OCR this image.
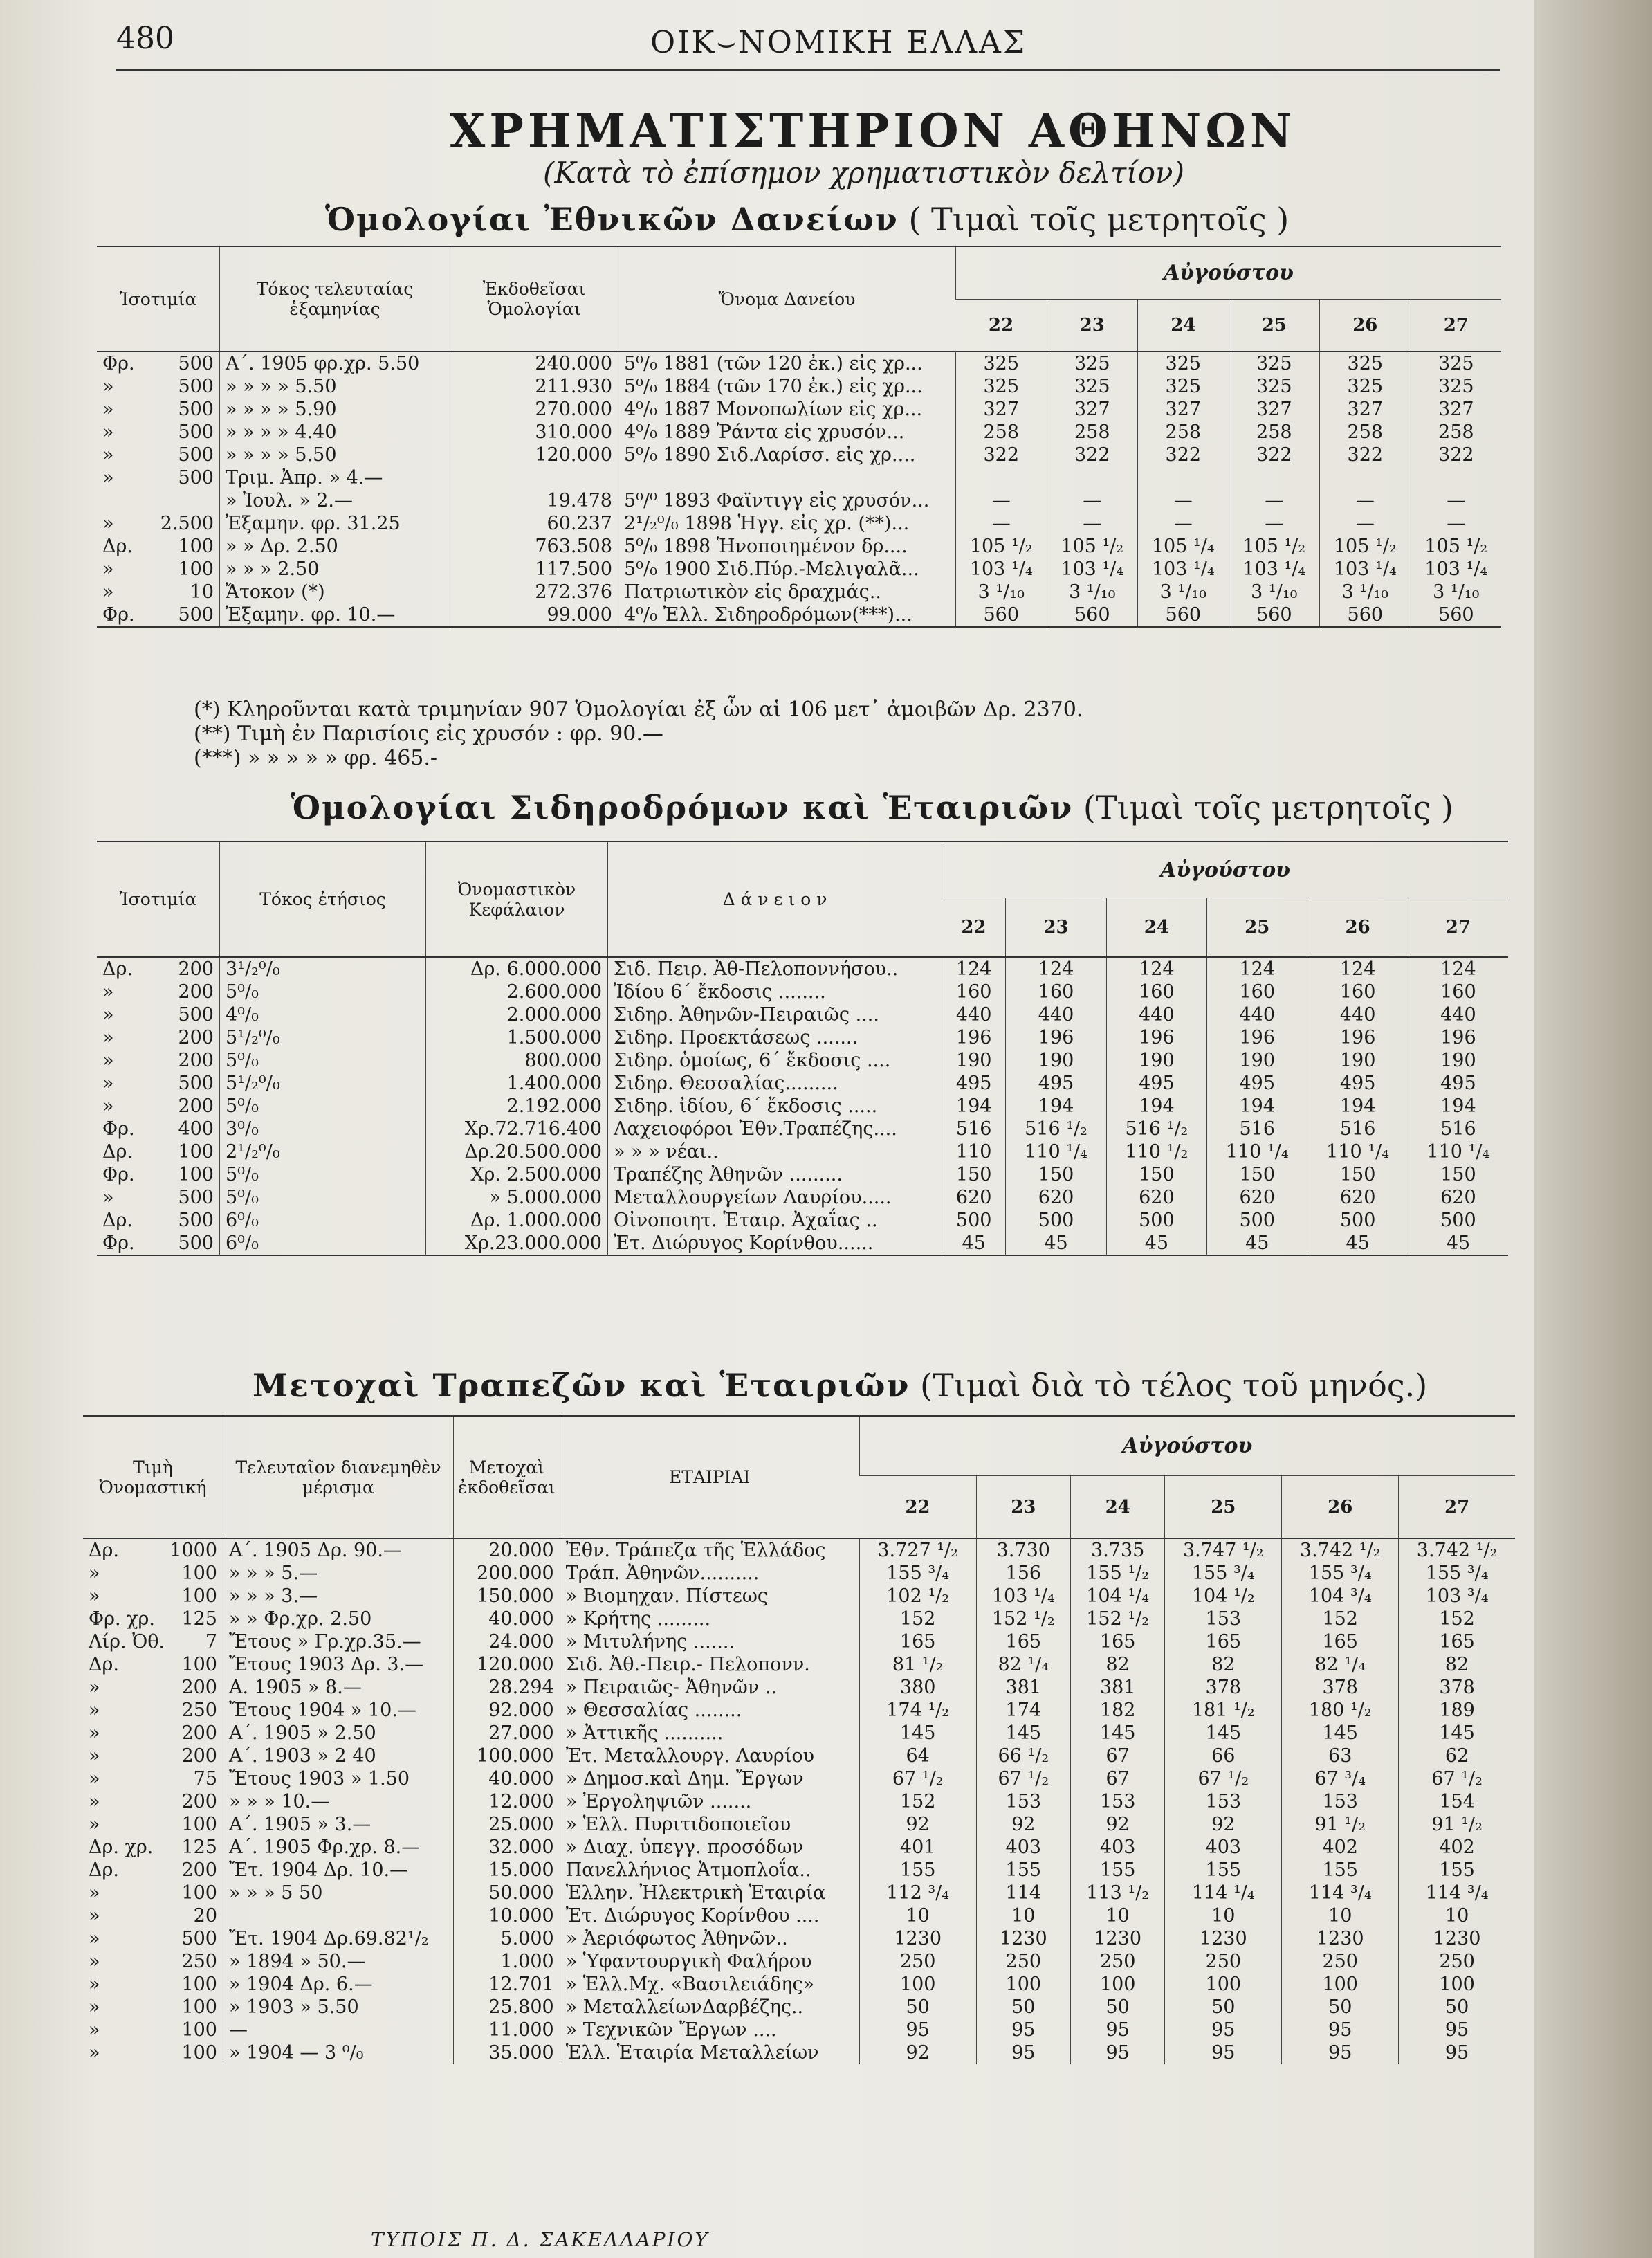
480	ΟΙΚ⌣ΝΟΜΙΚΗ ΕΛΛΑΣ
ΧΡΗΜΑΤΙΣΤΗΡΙΟΝ ΑΘΗΝΩΝ
(Κατὰ τὸ ἐπίσημον χρηματιστικὸν δελτίον)
Ὁμολογίαι Ἐθνικῶν Δανείων ( Τιμαὶ τοῖς μετρητοῖς )
Ἰσοτιμία	Τόκος τελευταίας ἑξαμηνίας	Ἐκδοθεῖσαι Ὁμολογίαι	Ὄνομα Δανείου	Αὐγούστου					
				22	23	24	25	26	27

Φρ. 500	Α΄. 1905 φρ.χρ. 5.50	240.000	5⁰/₀ 1881 (τῶν 120 ἐκ.) εἰς χρ...	325	325	325	325	325	325

» 500	» » » » 5.50	211.930	5⁰/₀ 1884 (τῶν 170 ἐκ.) εἰς χρ...	325	325	325	325	325	325

» 500	» » » » 5.90	270.000	4⁰/₀ 1887 Μονοπωλίων εἰς χρ...	327	327	327	327	327	327

» 500	» » » » 4.40	310.000	4⁰/₀ 1889 Ῥάντα εἰς χρυσόν...	258	258	258	258	258	258

» 500	» » » » 5.50	120.000	5⁰/₀ 1890 Σιδ.Λαρίσσ. εἰς χρ....	322	322	322	322	322	322

» 500	Τριμ. Ἀπρ. » 4.—								

	» Ἰουλ. » 2.—	19.478	5⁰/⁰ 1893 Φαϊντιγγ εἰς χρυσόν...	—	—	—	—	—	—

» 2.500	Ἐξαμην. φρ. 31.25	60.237	2¹/₂⁰/₀ 1898 Ἡγγ. εἰς χρ. (**)...	—	—	—	—	—	—

Δρ. 100	» » Δρ. 2.50	763.508	5⁰/₀ 1898 Ἡνοποιημένον δρ....	105 ¹/₂	105 ¹/₂	105 ¹/₄	105 ¹/₂	105 ¹/₂	105 ¹/₂

» 100	» » » 2.50	117.500	5⁰/₀ 1900 Σιδ.Πύρ.-Μελιγαλᾶ...	103 ¹/₄	103 ¹/₄	103 ¹/₄	103 ¹/₄	103 ¹/₄	103 ¹/₄

» 10	Ἄτοκον (*)	272.376	Πατριωτικὸν εἰς δραχμάς..	3 ¹/₁₀	3 ¹/₁₀	3 ¹/₁₀	3 ¹/₁₀	3 ¹/₁₀	3 ¹/₁₀

Φρ. 500	Ἐξαμην. φρ. 10.—	99.000	4⁰/₀ Ἐλλ. Σιδηροδρόμων(***)...	560	560	560	560	560	560
(*) Κληροῦνται κατὰ τριμηνίαν 907 Ὁμολογίαι ἐξ ὧν αἱ 106 μετ᾽ ἀμοιβῶν Δρ. 2370.
(**) Τιμὴ ἐν Παρισίοις εἰς χρυσόν : φρ. 90.—
(***) » » » » » φρ. 465.-
Ὁμολογίαι Σιδηροδρόμων καὶ Ἑταιριῶν (Τιμαὶ τοῖς μετρητοῖς )
Ἰσοτιμία	Τόκος ἐτήσιος	Ὀνομαστικὸν Κεφάλαιον	Δ ά ν ε ι ο ν	Αὐγούστου					
				22	23	24	25	26	27

Δρ. 200	3¹/₂⁰/₀	Δρ. 6.000.000	Σιδ. Πειρ. Ἀθ-Πελοποννήσου..	124	124	124	124	124	124

» 200	5⁰/₀	2.600.000	Ἰδίου 6΄ ἔκδοσις ........	160	160	160	160	160	160

» 500	4⁰/₀	2.000.000	Σιδηρ. Ἀθηνῶν-Πειραιῶς ....	440	440	440	440	440	440

» 200	5¹/₂⁰/₀	1.500.000	Σιδηρ. Προεκτάσεως .......	196	196	196	196	196	196

» 200	5⁰/₀	800.000	Σιδηρ. ὁμοίως, 6΄ ἔκδοσις ....	190	190	190	190	190	190

» 500	5¹/₂⁰/₀	1.400.000	Σιδηρ. Θεσσαλίας.........	495	495	495	495	495	495

» 200	5⁰/₀	2.192.000	Σιδηρ. ἰδίου, 6΄ ἔκδοσις .....	194	194	194	194	194	194

Φρ. 400	3⁰/₀	Χρ.72.716.400	Λαχειοφόροι Ἐθν.Τραπέζης....	516	516 ¹/₂	516 ¹/₂	516	516	516

Δρ. 100	2¹/₂⁰/₀	Δρ.20.500.000	» » » νέαι..	110	110 ¹/₄	110 ¹/₂	110 ¹/₄	110 ¹/₄	110 ¹/₄

Φρ. 100	5⁰/₀	Χρ. 2.500.000	Τραπέζης Ἀθηνῶν .........	150	150	150	150	150	150

» 500	5⁰/₀	» 5.000.000	Μεταλλουργείων Λαυρίου.....	620	620	620	620	620	620

Δρ. 500	6⁰/₀	Δρ. 1.000.000	Οἰνοποιητ. Ἑταιρ. Ἀχαΐας ..	500	500	500	500	500	500

Φρ. 500	6⁰/₀	Χρ.23.000.000	Ἐτ. Διώρυγος Κορίνθου......	45	45	45	45	45	45
Μετοχαὶ Τραπεζῶν καὶ Ἑταιριῶν (Τιμαὶ διὰ τὸ τέλος τοῦ μηνός.)
Τιμὴ Ὀνομαστική	Τελευταῖον διανεμηθὲν μέρισμα	Μετοχαὶ ἐκδοθεῖσαι	ΕΤΑΙΡΙΑΙ	Αὐγούστου					
				22	23	24	25	26	27

Δρ. 1000	Α΄. 1905 Δρ. 90.—	20.000	Ἐθν. Τράπεζα τῆς Ἑλλάδος	3.727 ¹/₂	3.730	3.735	3.747 ¹/₂	3.742 ¹/₂	3.742 ¹/₂

» 100	» » » 5.—	200.000	Τράπ. Ἀθηνῶν..........	155 ³/₄	156	155 ¹/₂	155 ³/₄	155 ³/₄	155 ³/₄

» 100	» » » 3.—	150.000	» Βιομηχαν. Πίστεως	102 ¹/₂	103 ¹/₄	104 ¹/₄	104 ¹/₂	104 ³/₄	103 ³/₄

Φρ. χρ. 125	» » Φρ.χρ. 2.50	40.000	» Κρήτης .........	152	152 ¹/₂	152 ¹/₂	153	152	152

Λίρ. Ὀθ. 7	Ἔτους » Γρ.χρ.35.—	24.000	» Μιτυλήνης .......	165	165	165	165	165	165

Δρ. 100	Ἔτους 1903 Δρ. 3.—	120.000	Σιδ. Ἀθ.-Πειρ.- Πελοπονν.	81 ¹/₂	82 ¹/₄	82	82	82 ¹/₄	82

» 200	Α. 1905 » 8.—	28.294	» Πειραιῶς- Ἀθηνῶν ..	380	381	381	378	378	378

» 250	Ἔτους 1904 » 10.—	92.000	» Θεσσαλίας ........	174 ¹/₂	174	182	181 ¹/₂	180 ¹/₂	189

» 200	Α΄. 1905 » 2.50	27.000	» Ἀττικῆς ..........	145	145	145	145	145	145

» 200	Α΄. 1903 » 2 40	100.000	Ἐτ. Μεταλλουργ. Λαυρίου	64	66 ¹/₂	67	66	63	62

» 75	Ἔτους 1903 » 1.50	40.000	» Δημοσ.καὶ Δημ. Ἔργων	67 ¹/₂	67 ¹/₂	67	67 ¹/₂	67 ³/₄	67 ¹/₂

» 200	» » » 10.—	12.000	» Ἐργοληψιῶν .......	152	153	153	153	153	154

» 100	Α΄. 1905 » 3.—	25.000	» Ἑλλ. Πυριτιδοποιεῖου	92	92	92	92	91 ¹/₂	91 ¹/₂

Δρ. χρ. 125	Α΄. 1905 Φρ.χρ. 8.—	32.000	» Διαχ. ὑπεγγ. προσόδων	401	403	403	403	402	402

Δρ. 200	Ἔτ. 1904 Δρ. 10.—	15.000	Πανελλήνιος Ἀτμοπλοΐα..	155	155	155	155	155	155

» 100	» » » 5 50	50.000	Ἑλλην. Ἠλεκτρικὴ Ἑταιρία	112 ³/₄	114	113 ¹/₂	114 ¹/₄	114 ³/₄	114 ³/₄

» 20		10.000	Ἐτ. Διώρυγος Κορίνθου ....	10	10	10	10	10	10

» 500	Ἔτ. 1904 Δρ.69.82¹/₂	5.000	» Ἀεριόφωτος Ἀθηνῶν..	1230	1230	1230	1230	1230	1230

» 250	» 1894 » 50.—	1.000	» Ὑφαντουργικὴ Φαλήρου	250	250	250	250	250	250

» 100	» 1904 Δρ. 6.—	12.701	» Ἑλλ.Μχ. «Βασιλειάδης»	100	100	100	100	100	100

» 100	» 1903 » 5.50	25.800	» ΜεταλλείωνΔαρβέζης..	50	50	50	50	50	50

» 100	—	11.000	» Τεχνικῶν Ἔργων ....	95	95	95	95	95	95

» 100	» 1904 — 3 ⁰/₀	35.000	Ἑλλ. Ἑταιρία Μεταλλείων	92	95	95	95	95	95
ΤΥΠΟΙΣ Π. Δ. ΣΑΚΕΛΛΑΡΙΟΥ
